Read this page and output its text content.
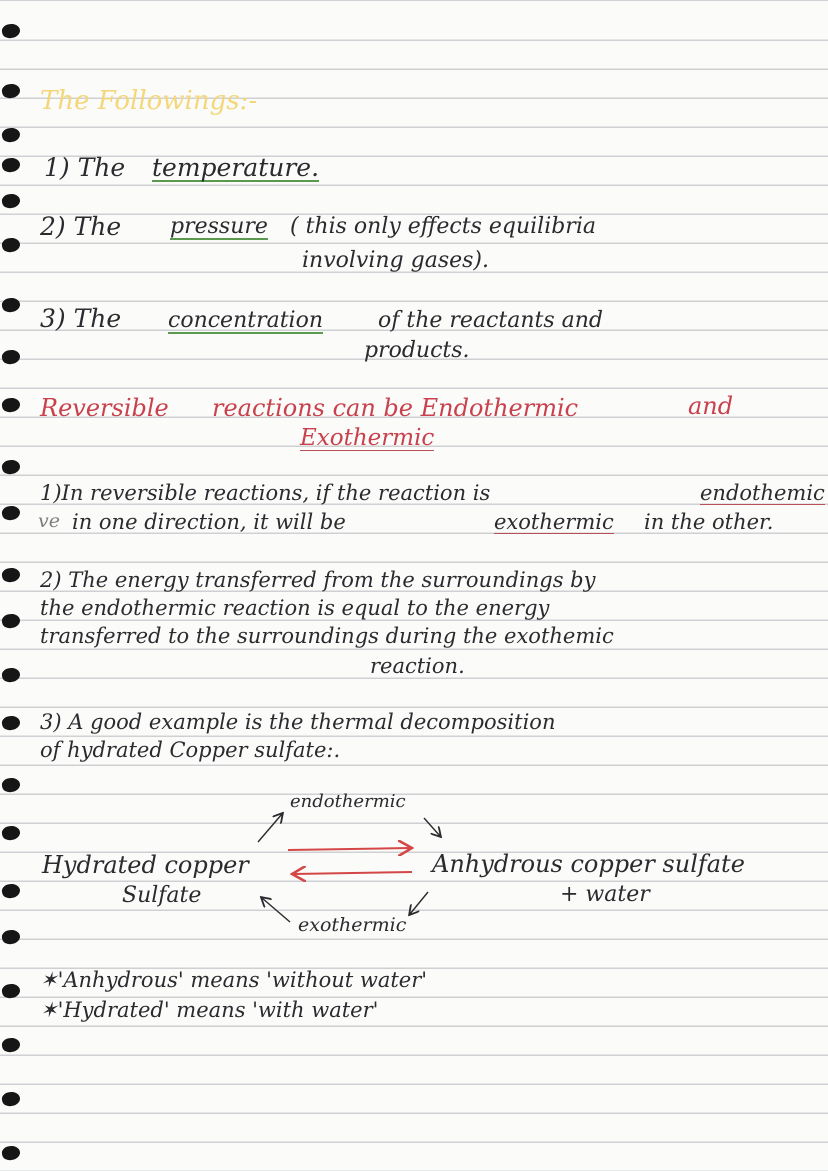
The Followings:-

1) The temperature.

2) The pressure ( this only effects equilibria

involving gases).

3) The concentration of the reactants and

products.

Reversible reactions can be Endothermic	and

Exothermic

1)In reversible reactions, if the reaction is	endothemic

ve in one direction, it will be	exothermic in the other.

2) The energy transferred from the surroundings by

the endothermic reaction is equal to the energy

transferred to the surroundings during the exothemic

reaction.

3) A good example is the thermal decomposition

of hydrated Copper sulfate:.

endothermic

Hydrated copper

Sulfate

Anhydrous copper sulfate

+ water

exothermic

✶'Anhydrous' means 'without water'

✶'Hydrated' means 'with water'
